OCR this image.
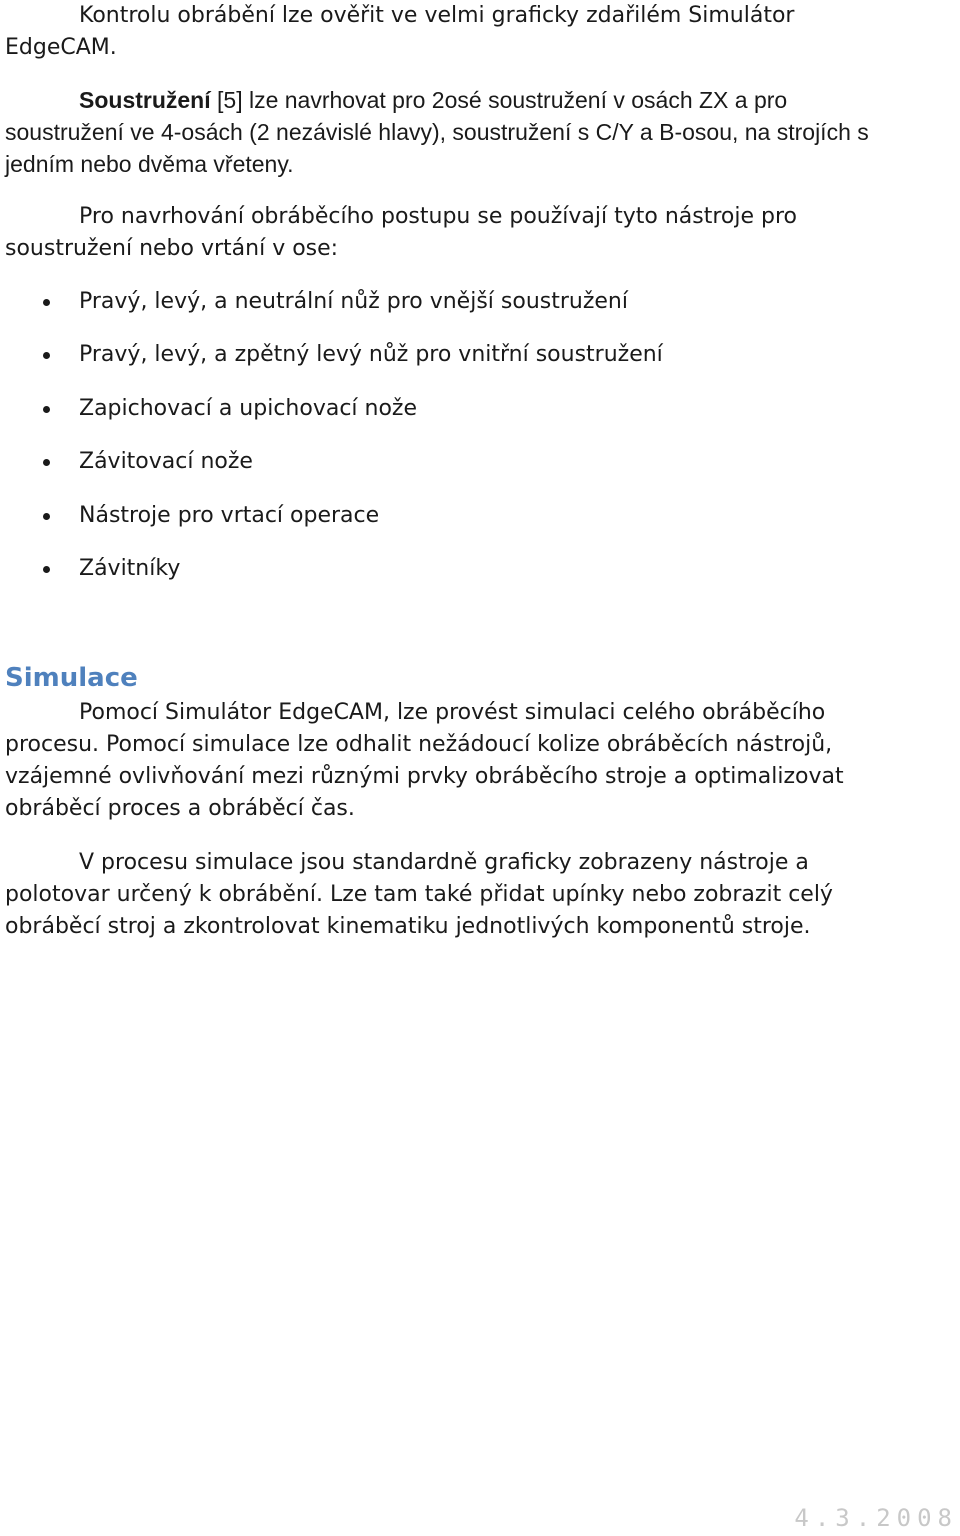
Kontrolu obrábění lze ověřit ve velmi graficky zdařilém Simulátor EdgeCAM.

Soustružení [5] lze navrhovat pro 2osé soustružení v osách ZX a pro soustružení ve 4-osách (2 nezávislé hlavy), soustružení s C/Y a B-osou, na strojích s jedním nebo dvěma vřeteny.

Pro navrhování obráběcího postupu se používají tyto nástroje pro soustružení nebo vrtání v ose:

Pravý, levý, a neutrální nůž pro vnější soustružení
Pravý, levý, a zpětný levý nůž pro vnitřní soustružení
Zapichovací a upichovací nože
Závitovací nože
Nástroje pro vrtací operace
Závitníky
Simulace

Pomocí Simulátor EdgeCAM, lze provést simulaci celého obráběcího procesu. Pomocí simulace lze odhalit nežádoucí kolize obráběcích nástrojů, vzájemné ovlivňování mezi různými prvky obráběcího stroje a optimalizovat obráběcí proces a obráběcí čas.

V procesu simulace jsou standardně graficky zobrazeny nástroje a polotovar určený k obrábění. Lze tam také přidat upínky nebo zobrazit celý obráběcí stroj a zkontrolovat kinematiku jednotlivých komponentů stroje.

4.3.2008
